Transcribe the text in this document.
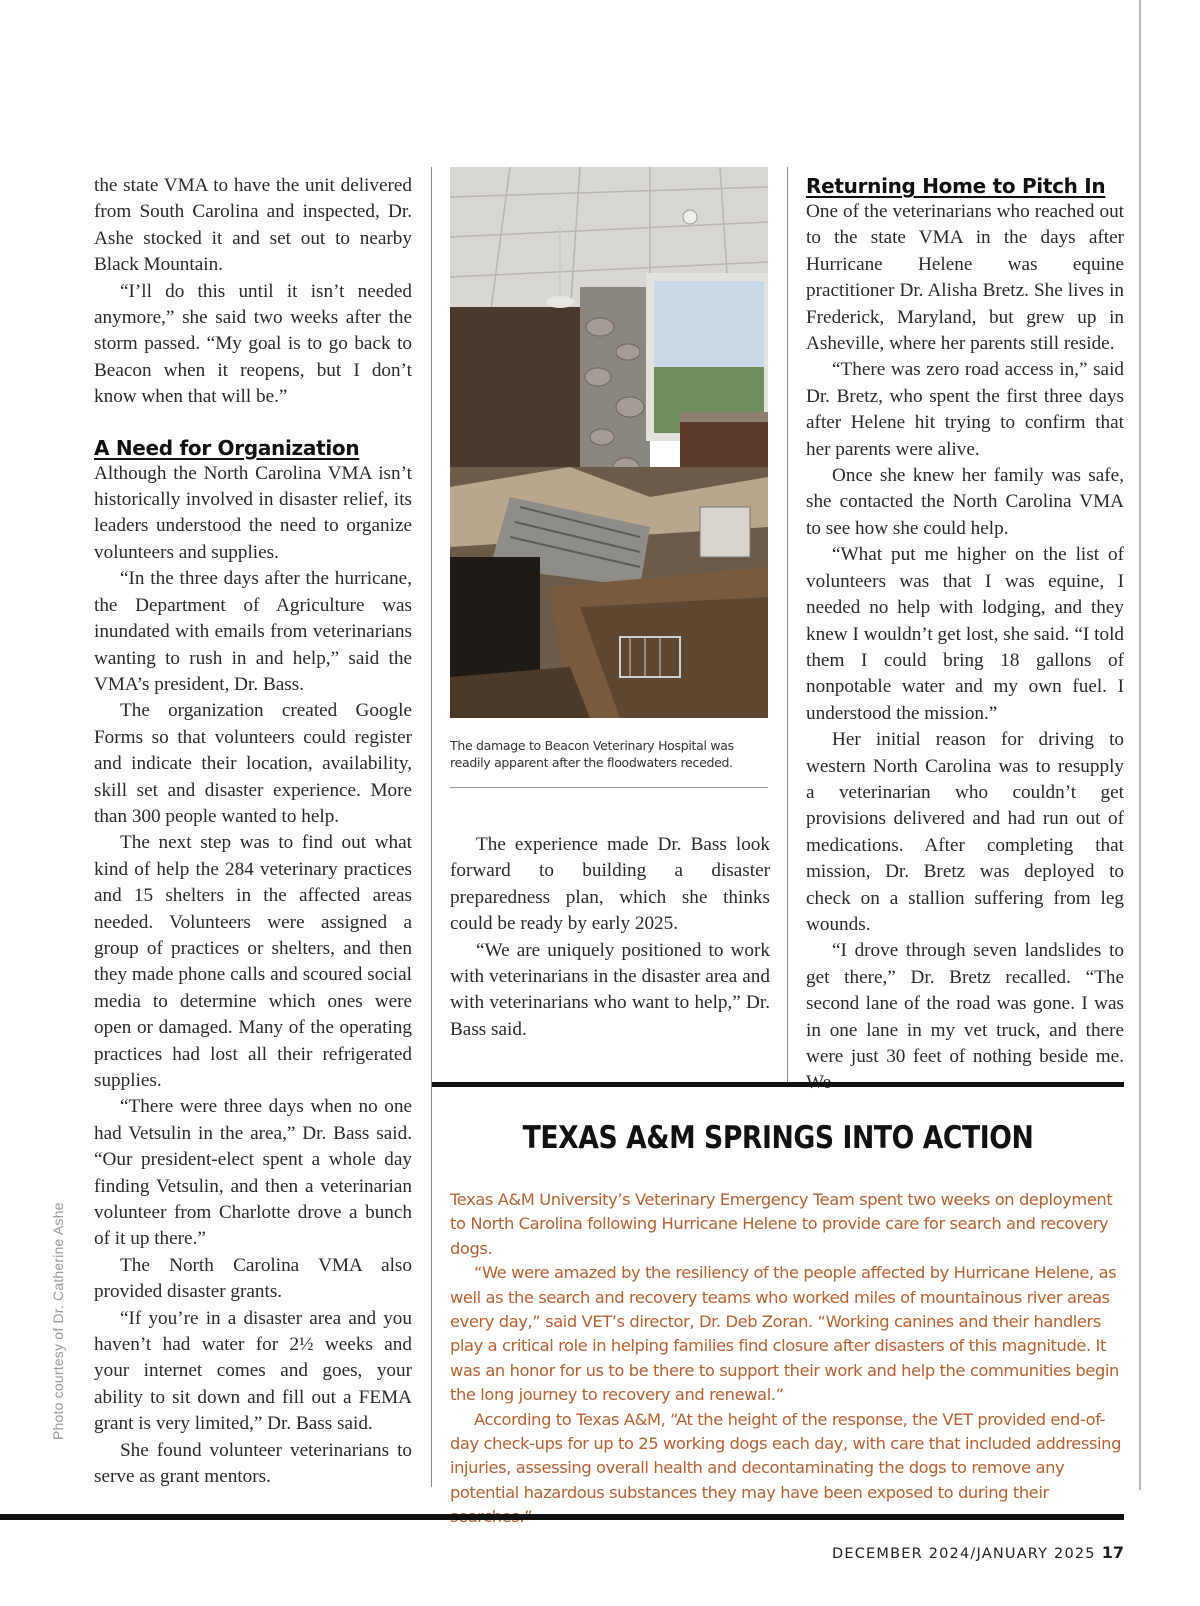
Photo courtesy of Dr. Catherine Ashe

the state VMA to have the unit delivered from South Carolina and inspected, Dr. Ashe stocked it and set out to nearby Black Mountain.

“I’ll do this until it isn’t needed anymore,” she said two weeks after the storm passed. “My goal is to go back to Beacon when it reopens, but I don’t know when that will be.”

A Need for Organization

Although the North Carolina VMA isn’t historically involved in disaster relief, its leaders understood the need to organize volunteers and supplies.

“In the three days after the hurricane, the Department of Agriculture was inundated with emails from veterinarians wanting to rush in and help,” said the VMA’s president, Dr. Bass.

The organization created Google Forms so that volunteers could register and indicate their location, availability, skill set and disaster experience. More than 300 people wanted to help.

The next step was to find out what kind of help the 284 veterinary practices and 15 shelters in the affected areas needed. Volunteers were assigned a group of practices or shelters, and then they made phone calls and scoured social media to determine which ones were open or damaged. Many of the operating practices had lost all their refrigerated supplies.

“There were three days when no one had Vetsulin in the area,” Dr. Bass said. “Our president-elect spent a whole day finding Vetsulin, and then a veterinarian volunteer from Charlotte drove a bunch of it up there.”

The North Carolina VMA also provided disaster grants.

“If you’re in a disaster area and you haven’t had water for 2½ weeks and your internet comes and goes, your ability to sit down and fill out a FEMA grant is very limited,” Dr. Bass said.

She found volunteer veterinarians to serve as grant mentors.

The damage to Beacon Veterinary Hospital was readily apparent after the floodwaters receded.

The experience made Dr. Bass look forward to building a disaster preparedness plan, which she thinks could be ready by early 2025.

“We are uniquely positioned to work with veterinarians in the disaster area and with veterinarians who want to help,” Dr. Bass said.

Returning Home to Pitch In

One of the veterinarians who reached out to the state VMA in the days after Hurricane Helene was equine practitioner Dr. Alisha Bretz. She lives in Frederick, Maryland, but grew up in Asheville, where her parents still reside.

“There was zero road access in,” said Dr. Bretz, who spent the first three days after Helene hit trying to confirm that her parents were alive.

Once she knew her family was safe, she contacted the North Carolina VMA to see how she could help.

“What put me higher on the list of volunteers was that I was equine, I needed no help with lodging, and they knew I wouldn’t get lost, she said. “I told them I could bring 18 gallons of nonpotable water and my own fuel. I understood the mission.”

Her initial reason for driving to western North Carolina was to resupply a veterinarian who couldn’t get provisions delivered and had run out of medications. After completing that mission, Dr. Bretz was deployed to check on a stallion suffering from leg wounds.

“I drove through seven landslides to get there,” Dr. Bretz recalled. “The second lane of the road was gone. I was in one lane in my vet truck, and there were just 30 feet of nothing beside me.

TEXAS A&M SPRINGS INTO ACTION

Texas A&M University’s Veterinary Emergency Team spent two weeks on deployment to North Carolina following Hurricane Helene to provide care for search and recovery dogs.

“We were amazed by the resiliency of the people affected by Hurricane Helene, as well as the search and recovery teams who worked miles of mountainous river areas every day,” said VET’s director, Dr. Deb Zoran. “Working canines and their handlers play a critical role in helping families find closure after disasters of this magnitude. It was an honor for us to be there to support their work and help the communities begin the long journey to recovery and renewal.”

According to Texas A&M, “At the height of the response, the VET provided end-of-day check-ups for up to 25 working dogs each day, with care that included addressing injuries, assessing overall health and decontaminating the dogs to remove any potential hazardous substances they may have been exposed to during their

DECEMBER 2024/JANUARY 2025 17
